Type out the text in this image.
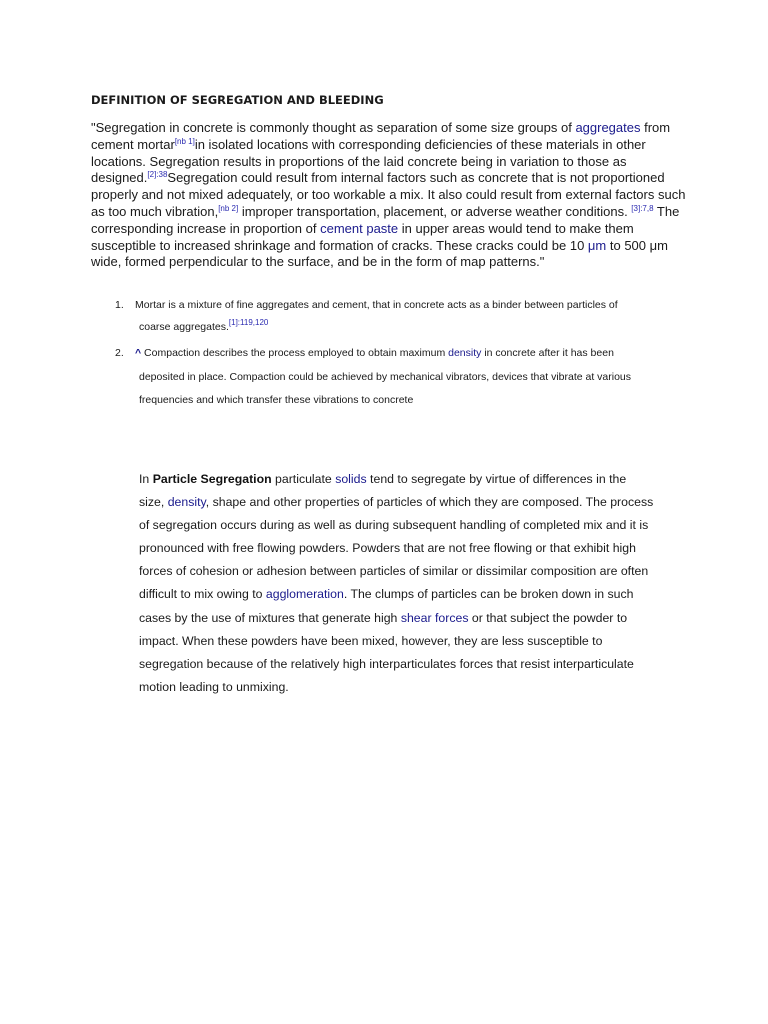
DEFINITION OF SEGREGATION AND BLEEDING

"Segregation in concrete is commonly thought as separation of some size groups of aggregates from

cement mortar[nb 1]in isolated locations with corresponding deficiencies of these materials in other

locations. Segregation results in proportions of the laid concrete being in variation to those as

designed.$^{[2]:38}$Segregation could result from internal factors such as concrete that is not proportioned

properly and not mixed adequately, or too workable a mix. It also could result from external factors such

as too much vibration,[nb 2] improper transportation, placement, or adverse weather conditions. $^{[3]:7,8}$ The

corresponding increase in proportion of cement paste in upper areas would tend to make them

susceptible to increased shrinkage and formation of cracks. These cracks could be 10 μm to 500 μm

wide, formed perpendicular to the surface, and be in the form of map patterns."

1. Mortar is a mixture of fine aggregates and cement, that in concrete acts as a binder between particles of
coarse aggregates.$^{[1]:119,120}$
2. ^ Compaction describes the process employed to obtain maximum density in concrete after it has been
deposited in place. Compaction could be achieved by mechanical vibrators, devices that vibrate at various
frequencies and which transfer these vibrations to concrete
In Particle Segregation particulate solids tend to segregate by virtue of differences in the
size, density, shape and other properties of particles of which they are composed. The process
of segregation occurs during as well as during subsequent handling of completed mix and it is
pronounced with free flowing powders. Powders that are not free flowing or that exhibit high
forces of cohesion or adhesion between particles of similar or dissimilar composition are often
difficult to mix owing to agglomeration. The clumps of particles can be broken down in such
cases by the use of mixtures that generate high shear forces or that subject the powder to
impact. When these powders have been mixed, however, they are less susceptible to
segregation because of the relatively high interparticulates forces that resist interparticulate
motion leading to unmixing.
